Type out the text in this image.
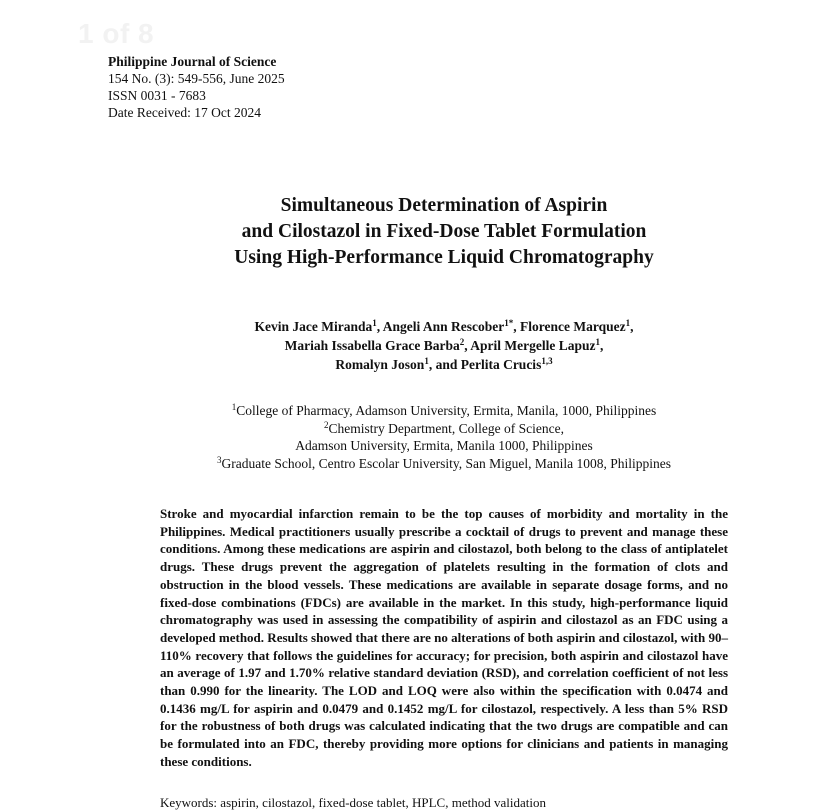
1 of 8
Philippine Journal of Science
154 No. (3): 549-556, June 2025
ISSN 0031 - 7683
Date Received: 17 Oct 2024
Simultaneous Determination of Aspirin
and Cilostazol in Fixed-Dose Tablet Formulation
Using High-Performance Liquid Chromatography
Kevin Jace Miranda$^1$, Angeli Ann Rescober$^{1*}$, Florence Marquez$^1$,
Mariah Issabella Grace Barba$^2$, April Mergelle Lapuz$^1$,
Romalyn Joson$^1$, and Perlita Crucis$^{1,3}$
$^1$College of Pharmacy, Adamson University, Ermita, Manila, 1000, Philippines
$^2$Chemistry Department, College of Science,
Adamson University, Ermita, Manila 1000, Philippines
$^3$Graduate School, Centro Escolar University, San Miguel, Manila 1008, Philippines
Stroke and myocardial infarction remain to be the top causes of morbidity and mortality in the Philippines. Medical practitioners usually prescribe a cocktail of drugs to prevent and manage these conditions. Among these medications are aspirin and cilostazol, both belong to the class of antiplatelet drugs. These drugs prevent the aggregation of platelets resulting in the formation of clots and obstruction in the blood vessels. These medications are available in separate dosage forms, and no fixed-dose combinations (FDCs) are available in the market. In this study, high-performance liquid chromatography was used in assessing the compatibility of aspirin and cilostazol as an FDC using a developed method. Results showed that there are no alterations of both aspirin and cilostazol, with 90–110% recovery that follows the guidelines for accuracy; for precision, both aspirin and cilostazol have an average of 1.97 and 1.70% relative standard deviation (RSD), and correlation coefficient of not less than 0.990 for the linearity. The LOD and LOQ were also within the specification with 0.0474 and 0.1436 mg/L for aspirin and 0.0479 and 0.1452 mg/L for cilostazol, respectively. A less than 5% RSD for the robustness of both drugs was calculated indicating that the two drugs are compatible and can be formulated into an FDC, thereby providing more options for clinicians and patients in managing these conditions.
Keywords: aspirin, cilostazol, fixed-dose tablet, HPLC, method validation
